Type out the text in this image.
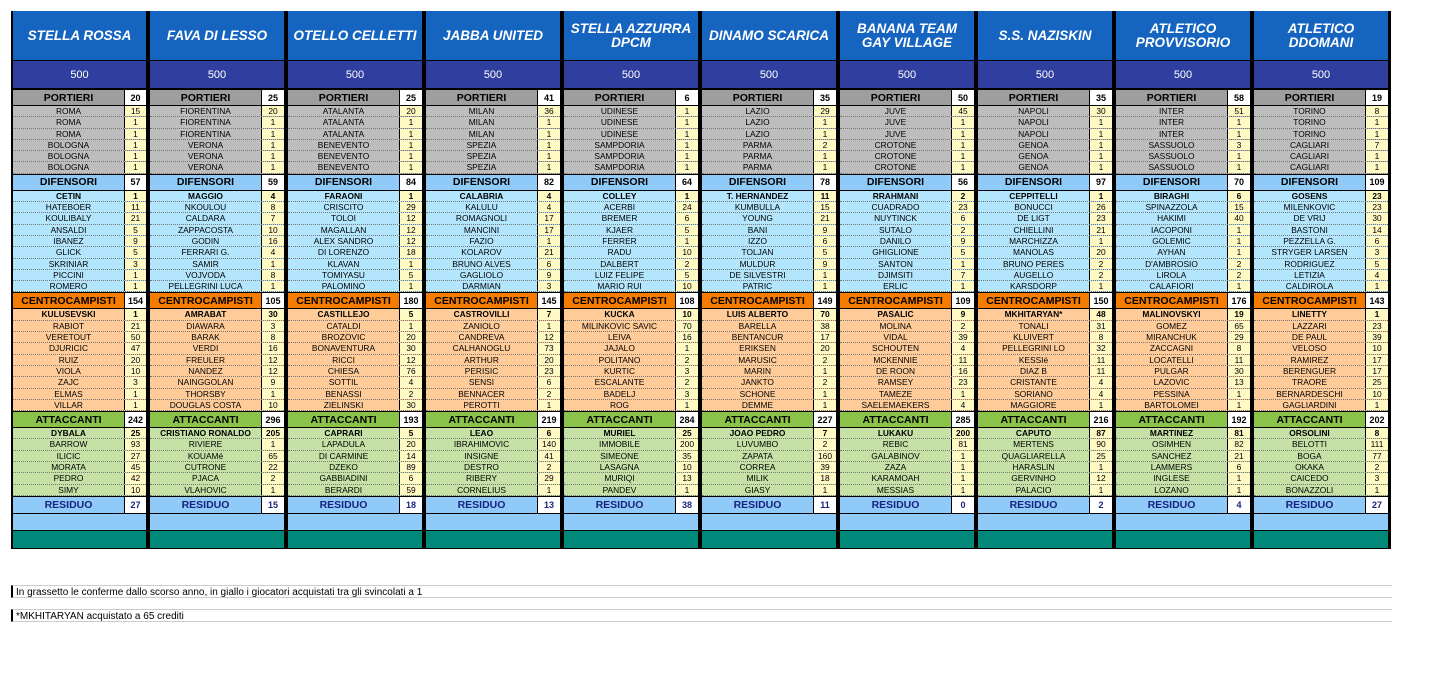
STELLA ROSSA
500
PORTIERI	20
ROMA	15
ROMA	1
ROMA	1
BOLOGNA	1
BOLOGNA	1
BOLOGNA	1
DIFENSORI	57
CETIN	1
HATEBOER	11
KOULIBALY	21
ANSALDI	5
IBANEZ	9
GLICK	5
SKRINIAR	3
PICCINI	1
ROMERO	1
CENTROCAMPISTI	154
KULUSEVSKI	1
RABIOT	21
VERETOUT	50
DJURICIC	47
RUIZ	20
VIOLA	10
ZAJC	3
ELMAS	1
VILLAR	1
ATTACCANTI	242
DYBALA	25
BARROW	93
ILICIC	27
MORATA	45
PEDRO	42
SIMY	10
RESIDUO	27
FAVA DI LESSO
500
PORTIERI	25
FIORENTINA	20
FIORENTINA	1
FIORENTINA	1
VERONA	1
VERONA	1
VERONA	1
DIFENSORI	59
MAGGIO	4
NKOULOU	8
CALDARA	7
ZAPPACOSTA	10
GODIN	16
FERRARI G.	4
SAMIR	1
VOJVODA	8
PELLEGRINI LUCA	1
CENTROCAMPISTI	105
AMRABAT	30
DIAWARA	3
BARAK	8
VERDI	16
FREULER	12
NANDEZ	12
NAINGGOLAN	9
THORSBY	1
DOUGLAS COSTA	10
ATTACCANTI	296
CRISTIANO RONALDO	205
RIVIERE	1
KOUAMé	65
CUTRONE	22
PJACA	2
VLAHOVIC	1
RESIDUO	15
OTELLO CELLETTI
500
PORTIERI	25
ATALANTA	20
ATALANTA	1
ATALANTA	1
BENEVENTO	1
BENEVENTO	1
BENEVENTO	1
DIFENSORI	84
FARAONI	1
CRISCITO	29
TOLOI	12
MAGALLAN	12
ALEX SANDRO	12
DI LORENZO	18
KLAVAN	1
TOMIYASU	5
PALOMINO	1
CENTROCAMPISTI	180
CASTILLEJO	5
CATALDI	1
BROZOVIC	20
BONAVENTURA	30
RICCI	12
CHIESA	76
SOTTIL	4
BENASSI	2
ZIELINSKI	30
ATTACCANTI	193
CAPRARI	5
LAPADULA	20
DI CARMINE	14
DZEKO	89
GABBIADINI	6
BERARDI	59
RESIDUO	18
JABBA UNITED
500
PORTIERI	41
MILAN	36
MILAN	1
MILAN	1
SPEZIA	1
SPEZIA	1
SPEZIA	1
DIFENSORI	82
CALABRIA	4
KALULU	4
ROMAGNOLI	17
MANCINI	17
FAZIO	1
KOLAROV	21
BRUNO ALVES	6
GAGLIOLO	9
DARMIAN	3
CENTROCAMPISTI	145
CASTROVILLI	7
ZANIOLO	1
CANDREVA	12
CALHANOGLU	73
ARTHUR	20
PERISIC	23
SENSI	6
BENNACER	2
PEROTTI	1
ATTACCANTI	219
LEAO	6
IBRAHIMOVIC	140
INSIGNE	41
DESTRO	2
RIBERY	29
CORNELIUS	1
RESIDUO	13
STELLA AZZURRA DPCM
500
PORTIERI	6
UDINESE	1
UDINESE	1
UDINESE	1
SAMPDORIA	1
SAMPDORIA	1
SAMPDORIA	1
DIFENSORI	64
COLLEY	1
ACERBI	24
BREMER	6
KJAER	5
FERRER	1
RADU	10
DALBERT	2
LUIZ FELIPE	5
MARIO RUI	10
CENTROCAMPISTI	108
KUCKA	10
MILINKOVIC SAVIC	70
LEIVA	16
JAJALO	1
POLITANO	2
KURTIC	3
ESCALANTE	2
BADELJ	3
ROG	1
ATTACCANTI	284
MURIEL	25
IMMOBILE	200
SIMEONE	35
LASAGNA	10
MURIQI	13
PANDEV	1
RESIDUO	38
DINAMO SCARICA
500
PORTIERI	35
LAZIO	29
LAZIO	1
LAZIO	1
PARMA	2
PARMA	1
PARMA	1
DIFENSORI	78
T. HERNANDEZ	11
KUMBULLA	15
YOUNG	21
BANI	9
IZZO	6
TOLJAN	5
MULDUR	9
DE SILVESTRI	1
PATRIC	1
CENTROCAMPISTI	149
LUIS ALBERTO	70
BARELLA	38
BENTANCUR	17
ERIKSEN	20
MARUSIC	2
MARIN	1
JANKTO	2
SCHONE	1
DEMME	1
ATTACCANTI	227
JOAO PEDRO	7
LUVUMBO	2
ZAPATA	160
CORREA	39
MILIK	18
GIASY	1
RESIDUO	11
BANANA TEAM GAY VILLAGE
500
PORTIERI	50
JUVE	45
JUVE	1
JUVE	1
CROTONE	1
CROTONE	1
CROTONE	1
DIFENSORI	56
RRAHMANI	2
CUADRADO	23
NUYTINCK	6
SUTALO	2
DANILO	9
GHIGLIONE	5
SANTON	1
DJIMSITI	7
ERLIC	1
CENTROCAMPISTI	109
PASALIC	9
MOLINA	2
VIDAL	39
SCHOUTEN	4
MCKENNIE	11
DE ROON	16
RAMSEY	23
TAMEZE	1
SAELEMAEKERS	4
ATTACCANTI	285
LUKAKU	200
REBIC	81
GALABINOV	1
ZAZA	1
KARAMOAH	1
MESSIAS	1
RESIDUO	0
S.S. NAZISKIN
500
PORTIERI	35
NAPOLI	30
NAPOLI	1
NAPOLI	1
GENOA	1
GENOA	1
GENOA	1
DIFENSORI	97
CEPPITELLI	1
BONUCCI	26
DE LIGT	23
CHIELLINI	21
MARCHIZZA	1
MANOLAS	20
BRUNO PERES	2
AUGELLO	2
KARSDORP	1
CENTROCAMPISTI	150
MKHITARYAN*	48
TONALI	31
KLUIVERT	8
PELLEGRINI LO	32
KESSIé	11
DIAZ B	11
CRISTANTE	4
SORIANO	4
MAGGIORE	1
ATTACCANTI	216
CAPUTO	87
MERTENS	90
QUAGLIARELLA	25
HARASLIN	1
GERVINHO	12
PALACIO	1
RESIDUO	2
ATLETICO PROVVISORIO
500
PORTIERI	58
INTER	51
INTER	1
INTER	1
SASSUOLO	3
SASSUOLO	1
SASSUOLO	1
DIFENSORI	70
BIRAGHI	6
SPINAZZOLA	15
HAKIMI	40
IACOPONI	1
GOLEMIC	1
AYHAN	1
D'AMBROSIO	2
LIROLA	2
CALAFIORI	1
CENTROCAMPISTI	176
MALINOVSKYI	19
GOMEZ	65
MIRANCHUK	29
ZACCAGNI	8
LOCATELLI	11
PULGAR	30
LAZOVIC	13
PESSINA	1
BARTOLOMEI	1
ATTACCANTI	192
MARTINEZ	81
OSIMHEN	82
SANCHEZ	21
LAMMERS	6
INGLESE	1
LOZANO	1
RESIDUO	4
ATLETICO DDOMANI
500
PORTIERI	19
TORINO	8
TORINO	1
TORINO	1
CAGLIARI	7
CAGLIARI	1
CAGLIARI	1
DIFENSORI	109
GOSENS	23
MILENKOVIC	23
DE VRIJ	30
BASTONI	14
PEZZELLA G.	6
STRYGER LARSEN	3
RODRIGUEZ	5
LETIZIA	4
CALDIROLA	1
CENTROCAMPISTI	143
LINETTY	1
LAZZARI	23
DE PAUL	39
VELOSO	10
RAMIREZ	17
BERENGUER	17
TRAORE	25
BERNARDESCHI	10
GAGLIARDINI	1
ATTACCANTI	202
ORSOLINI	8
BELOTTI	111
BOGA	77
OKAKA	2
CAICEDO	3
BONAZZOLI	1
RESIDUO	27
In grassetto le conferme dallo scorso anno, in giallo i giocatori acquistati tra gli svincolati a 1
*MKHITARYAN acquistato a 65 crediti
